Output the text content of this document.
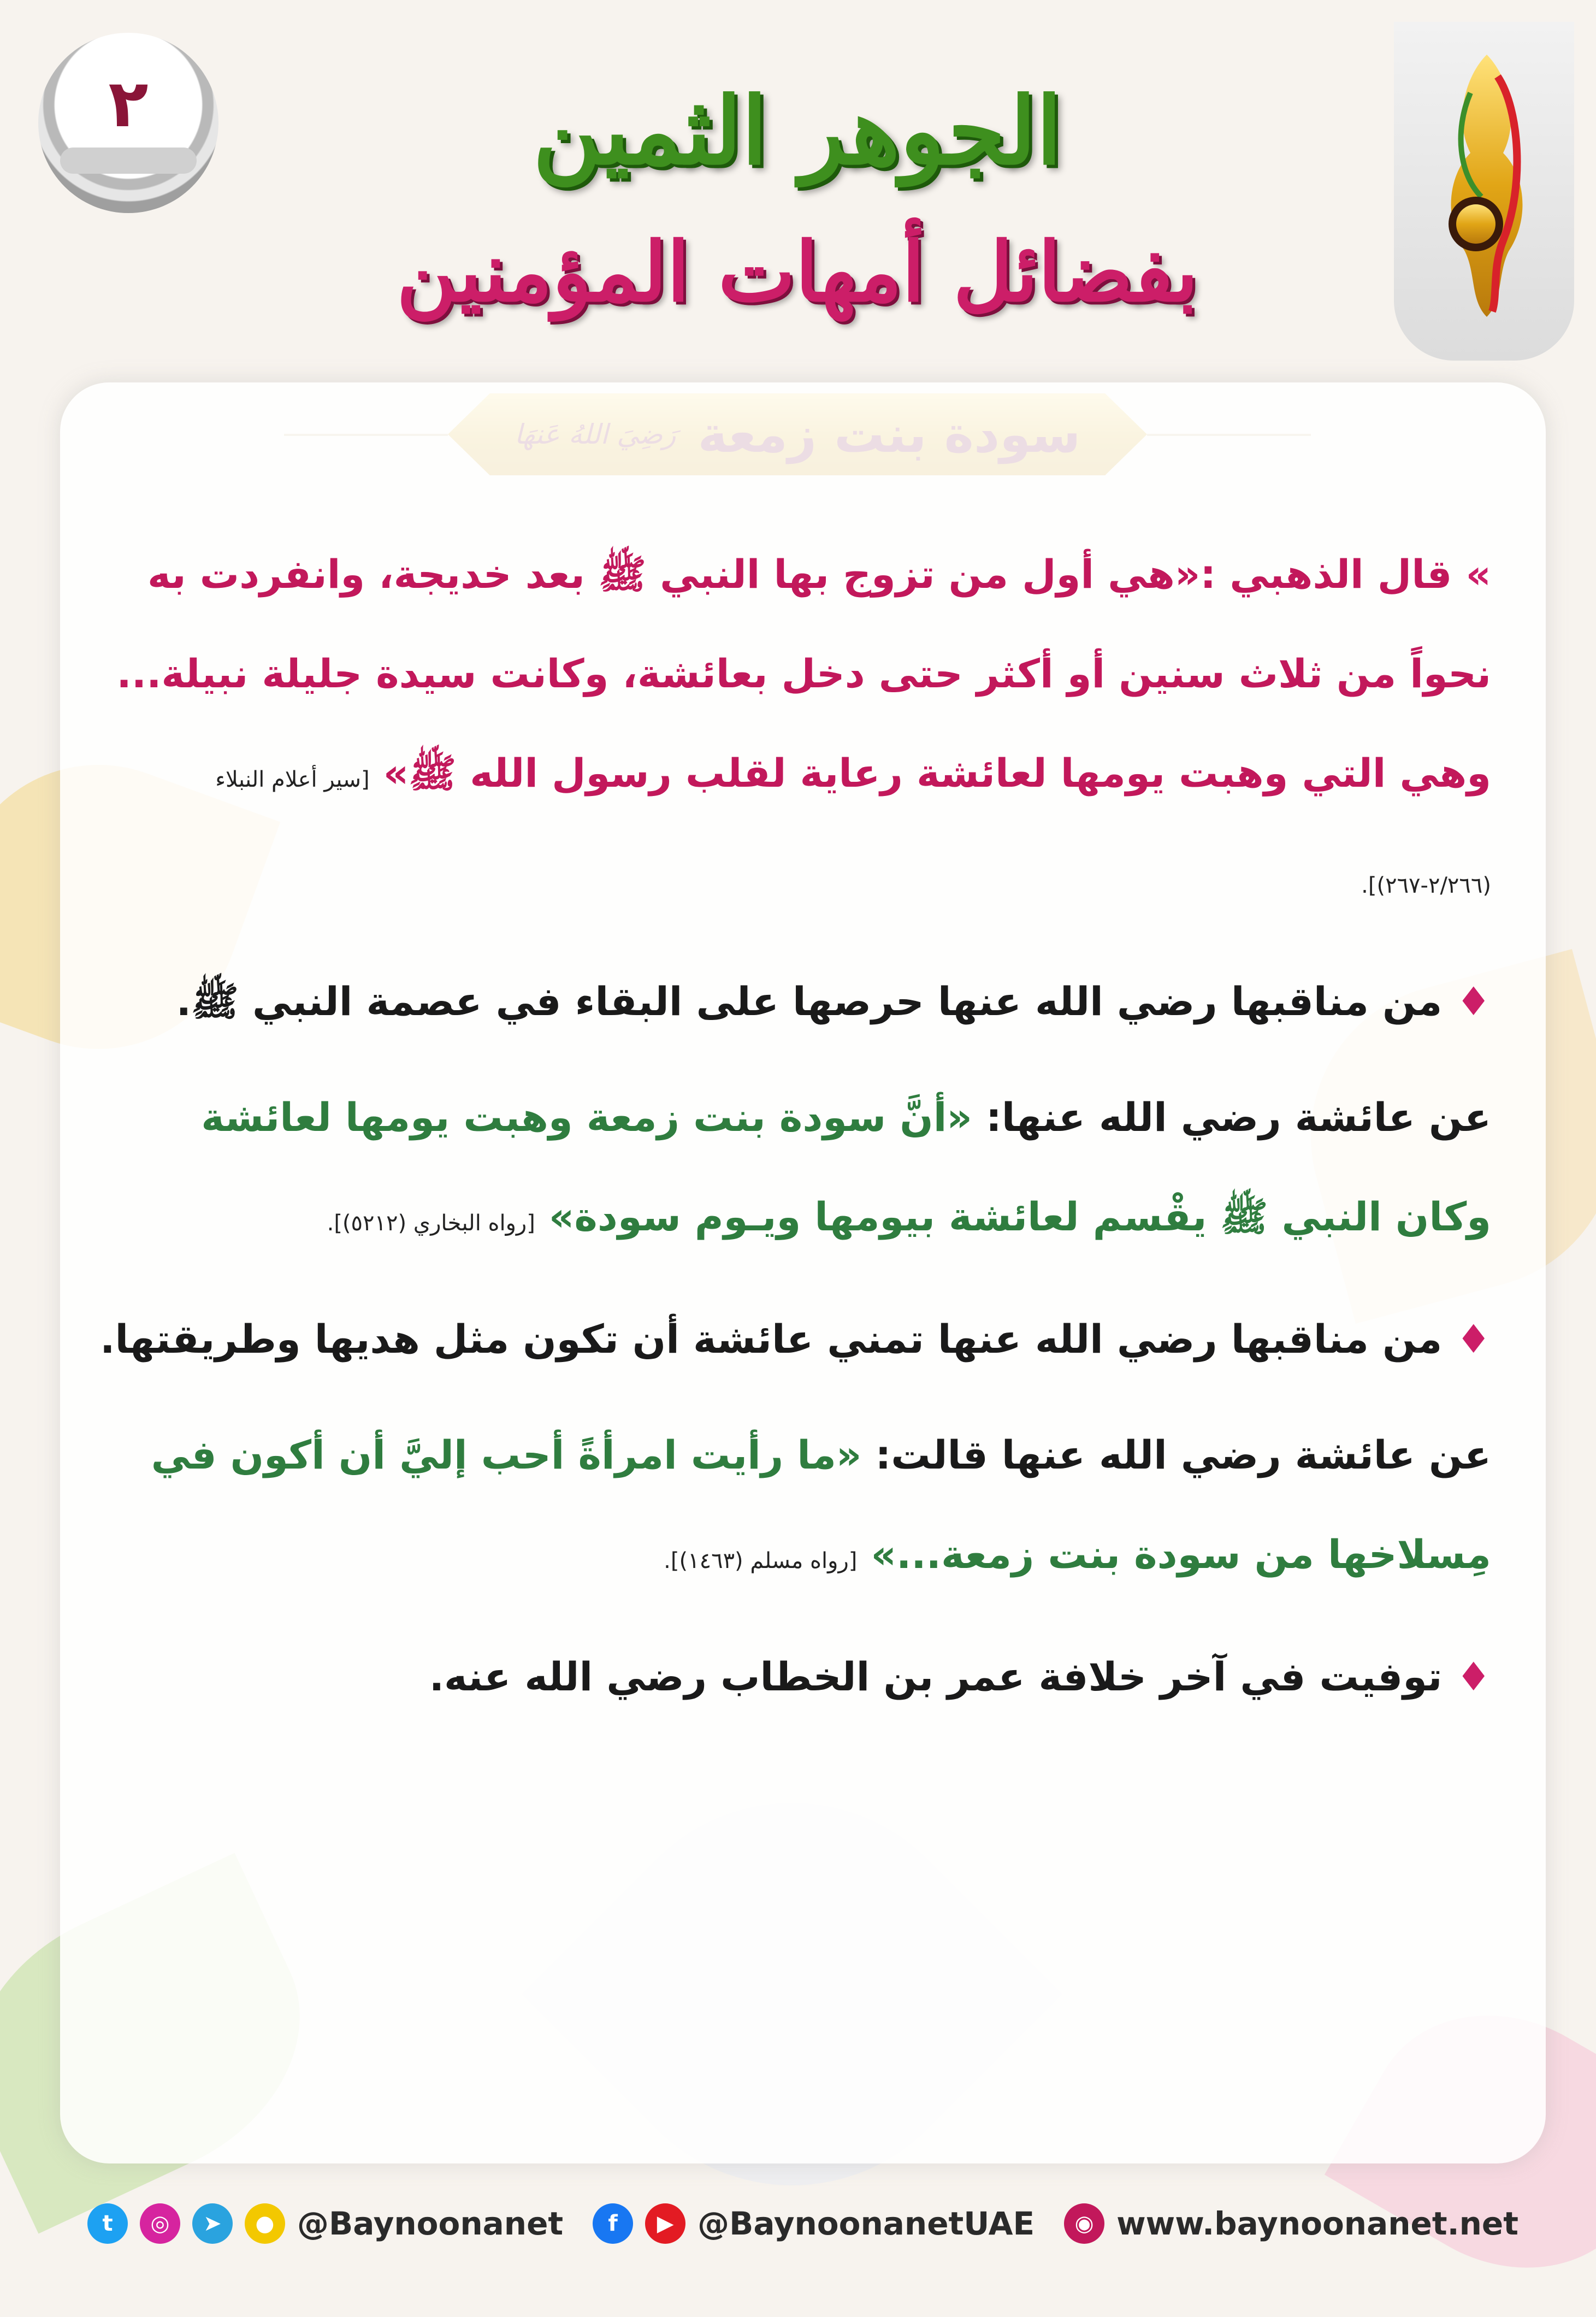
٢	الجوهر الثمين
بفضائل أمهات المؤمنين

» قال الذهبي :«هي أول من تزوج بها النبي ﷺ بعد خديجة، وانفردت به نحواً من ثلاث سنين أو أكثر حتى دخل بعائشة، وكانت سيدة جليلة نبيلة... وهي التي وهبت يومها لعائشة رعاية لقلب رسول الله ﷺ» [سير أعلام النبلاء (٢/٢٦٦-٢٦٧)].

♦ من مناقبها رضي الله عنها حرصها على البقاء في عصمة النبي ﷺ.

عن عائشة رضي الله عنها: «أنَّ سودة بنت زمعة وهبت يومها لعائشة وكان النبي ﷺ يقْسم لعائشة بيومها ويـوم سودة» [رواه البخاري (٥٢١٢)].

♦ من مناقبها رضي الله عنها تمني عائشة أن تكون مثل هديها وطريقتها.

عن عائشة رضي الله عنها قالت: «ما رأيت امرأةً أحب إليَّ أن أكون في مِسلاخها من سودة بنت زمعة...» [رواه مسلم (١٤٦٣)].

♦ توفيت في آخر خلافة عمر بن الخطاب رضي الله عنه.

t	◎	➤	● @Baynoonanet	f	▶ @BaynoonanetUAE	◉ www.baynoonanet.net
